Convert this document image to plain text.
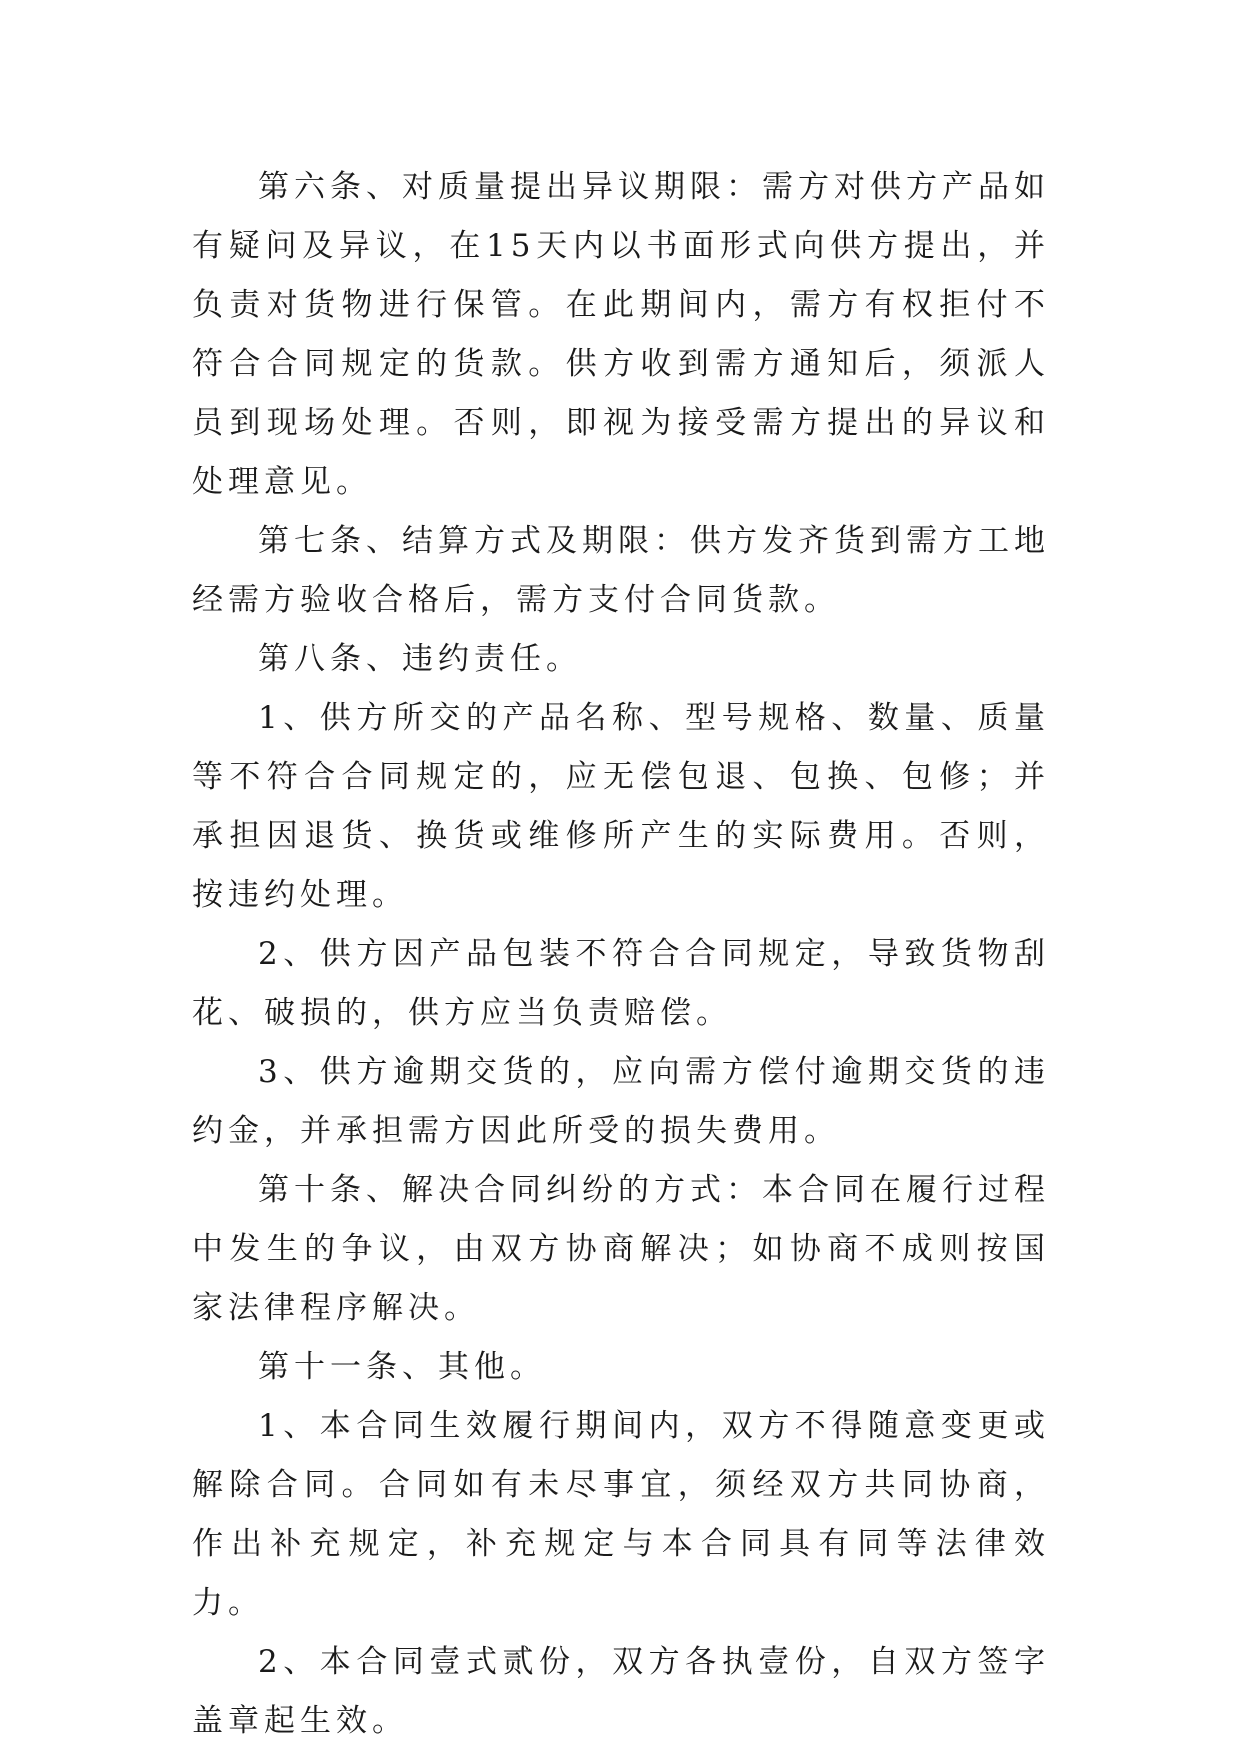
第六条、对质量提出异议期限：需方对供方产品如有疑问及异议，在15天内以书面形式向供方提出，并负责对货物进行保管。在此期间内，需方有权拒付不符合合同规定的货款。供方收到需方通知后，须派人员到现场处理。否则，即视为接受需方提出的异议和处理意见。

第七条、结算方式及期限：供方发齐货到需方工地经需方验收合格后，需方支付合同货款。

第八条、违约责任。

1、供方所交的产品名称、型号规格、数量、质量等不符合合同规定的，应无偿包退、包换、包修；并承担因退货、换货或维修所产生的实际费用。否则，按违约处理。

2、供方因产品包装不符合合同规定，导致货物刮花、破损的，供方应当负责赔偿。

3、供方逾期交货的，应向需方偿付逾期交货的违约金，并承担需方因此所受的损失费用。

第十条、解决合同纠纷的方式：本合同在履行过程中发生的争议，由双方协商解决；如协商不成则按国家法律程序解决。

第十一条、其他。

1、本合同生效履行期间内，双方不得随意变更或解除合同。合同如有未尽事宜，须经双方共同协商，作出补充规定，补充规定与本合同具有同等法律效力。

2、本合同壹式贰份，双方各执壹份，自双方签字盖章起生效。
